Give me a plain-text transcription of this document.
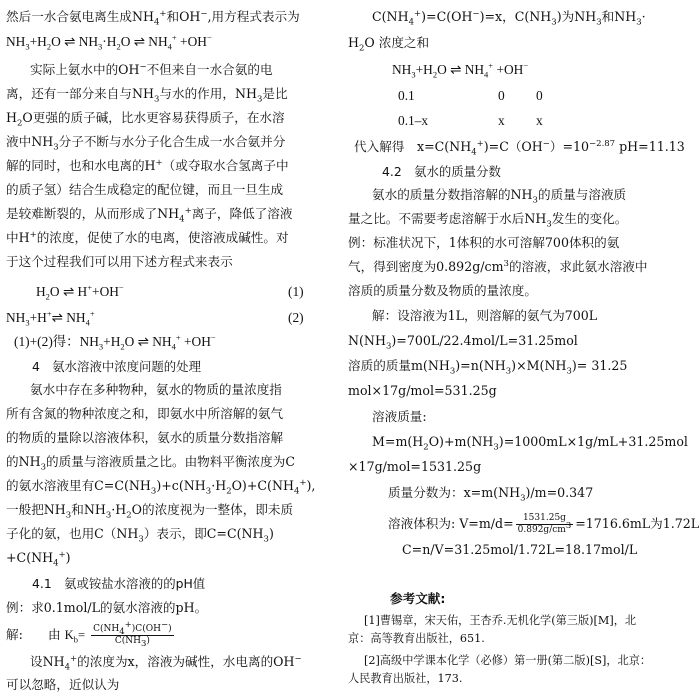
然后一水合氨电离生成$NH_4^+$和OH−,用方程式表示为
$NH_3+H_2O$ ⇌ $NH_3\cdot H_2O$ ⇌ $NH_4^+ +OH^-$
实际上氨水中的OH−不但来自一水合氨的电
离，还有一部分来自与$NH_3$与水的作用，$NH_3$是比
$H_2O$更强的质子碱，比水更容易获得质子，在水溶
液中$NH_3$分子不断与水分子化合生成一水合氨并分
解的同时，也和水电离的H+（或夺取水合氢离子中
的质子氢）结合生成稳定的配位键，而且一旦生成
是较难断裂的，从而形成了$NH_4^+$离子，降低了溶液
中H+的浓度，促使了水的电离，使溶液成碱性。对
于这个过程我们可以用下述方程式来表示
$H_2O$ ⇌ H++OH−	(1)
$NH_3+H^+\rightleftharpoons$ $NH_4^+$	(2)
(1)+(2)得：$NH_3+H_2O$ ⇌ $NH_4^+ +OH^-$
4　氨水溶液中浓度问题的处理
氨水中存在多种物种，氨水的物质的量浓度指
所有含氮的物种浓度之和，即氨水中所溶解的氨气
的物质的量除以溶液体积，氨水的质量分数指溶解
的$NH_3$的质量与溶液质量之比。由物料平衡浓度为C
的氨水溶液里有$C=C(NH_3)+c(NH_3\cdot H_2O)+C(NH_4^+)$,
一般把$NH_3$和$NH_3\cdot H_2O$的浓度视为一整体，即未质
子化的氨，也用$C(NH_3)$表示，即$C=C(NH_3)$
$+C(NH_4^+)$
4.1　氨或铵盐水溶液的的pH值
例：求0.1mol/L的氨水溶液的pH。
解:　　由 $K_b= \frac{C(NH_4^+)C(OH^-)}{C(NH_3)}$
设$NH_4^+$的浓度为x，溶液为碱性，水电离的OH−
可以忽略，近似认为
$C(NH_4^+)=C(OH^-)=x$，$C(NH_3)$为$NH_3$和$NH_3\cdot$
$H_2O$ 浓度之和
$NH_3+H_2O$ ⇌ $NH_4^+ +OH^-$
0.1	0 0
0.1–x	x x
代入解得　$x=C(NH_4^+)=C(OH^-)=10^{-2.87}$ pH=11.13
4.2　氨水的质量分数
氨水的质量分数指溶解的$NH_3$的质量与溶液质
量之比。不需要考虑溶解于水后$NH_3$发生的变化。
例：标准状况下，1体积的水可溶解700体积的氨
气，得到密度为$0.892g/cm^3$的溶液，求此氨水溶液中
溶质的质量分数及物质的量浓度。
解：设溶液为1L，则溶解的氨气为700L
$N(NH_3)=700L/22.4mol/L=31.25mol$
溶质的质量$m(NH_3)=n(NH_3)\times M(NH_3)= 31.25$
mol×17g/mol=531.25g
溶液质量:
$M=m(H_2O)+m(NH_3)=1000mL\times 1g/mL+31.25mol$
×17g/mol=1531.25g
质量分数为：$x=m(NH_3)/m=0.347$
溶液体积为: $V=m/d= \frac{1531.25g}{0.892g/cm^3} =1716.6mL$为1.72L
C=n/V=31.25mol/1.72L=18.17mol/L
参考文献:
[1]曹锡章，宋天佑，王杏乔.无机化学(第三版)[M]，北
京：高等教育出版社，651.
[2]高级中学课本化学（必修）第一册(第二版)[S]，北京：
人民教育出版社，173.
